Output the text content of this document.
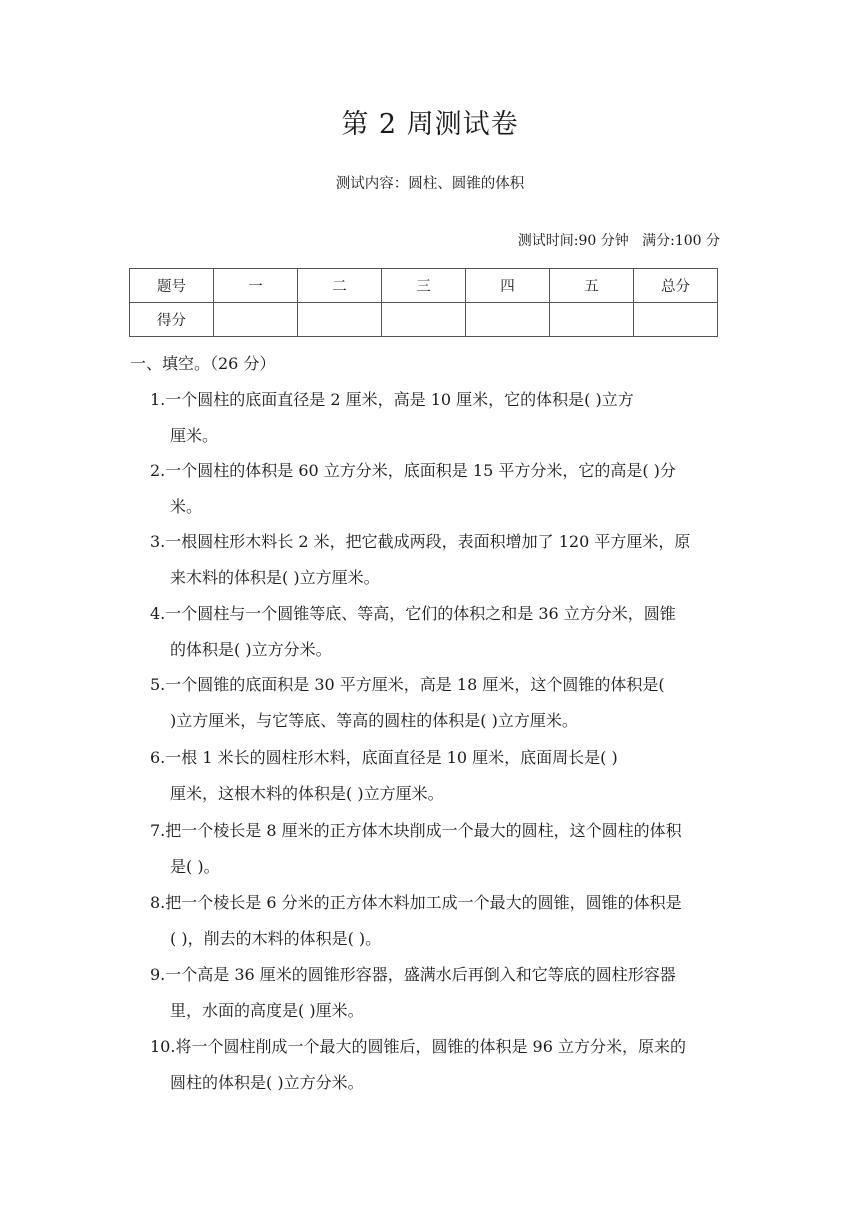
第 2 周测试卷
测试内容：圆柱、圆锥的体积
测试时间:90 分钟   满分:100 分
题号	一	二	三	四	五	总分
得分						
一、填空。（26 分）
1.一个圆柱的底面直径是 2 厘米，高是 10 厘米，它的体积是( )立方
厘米。
2.一个圆柱的体积是 60 立方分米，底面积是 15 平方分米，它的高是( )分
米。
3.一根圆柱形木料长 2 米，把它截成两段，表面积增加了 120 平方厘米，原
来木料的体积是( )立方厘米。
4.一个圆柱与一个圆锥等底、等高，它们的体积之和是 36 立方分米，圆锥
的体积是( )立方分米。
5.一个圆锥的底面积是 30 平方厘米，高是 18 厘米，这个圆锥的体积是(
)立方厘米，与它等底、等高的圆柱的体积是( )立方厘米。
6.一根 1 米长的圆柱形木料，底面直径是 10 厘米，底面周长是( )
厘米，这根木料的体积是( )立方厘米。
7.把一个棱长是 8 厘米的正方体木块削成一个最大的圆柱，这个圆柱的体积
是( )。
8.把一个棱长是 6 分米的正方体木料加工成一个最大的圆锥，圆锥的体积是
( )，削去的木料的体积是( )。
9.一个高是 36 厘米的圆锥形容器，盛满水后再倒入和它等底的圆柱形容器
里，水面的高度是( )厘米。
10.将一个圆柱削成一个最大的圆锥后，圆锥的体积是 96 立方分米，原来的
圆柱的体积是( )立方分米。
